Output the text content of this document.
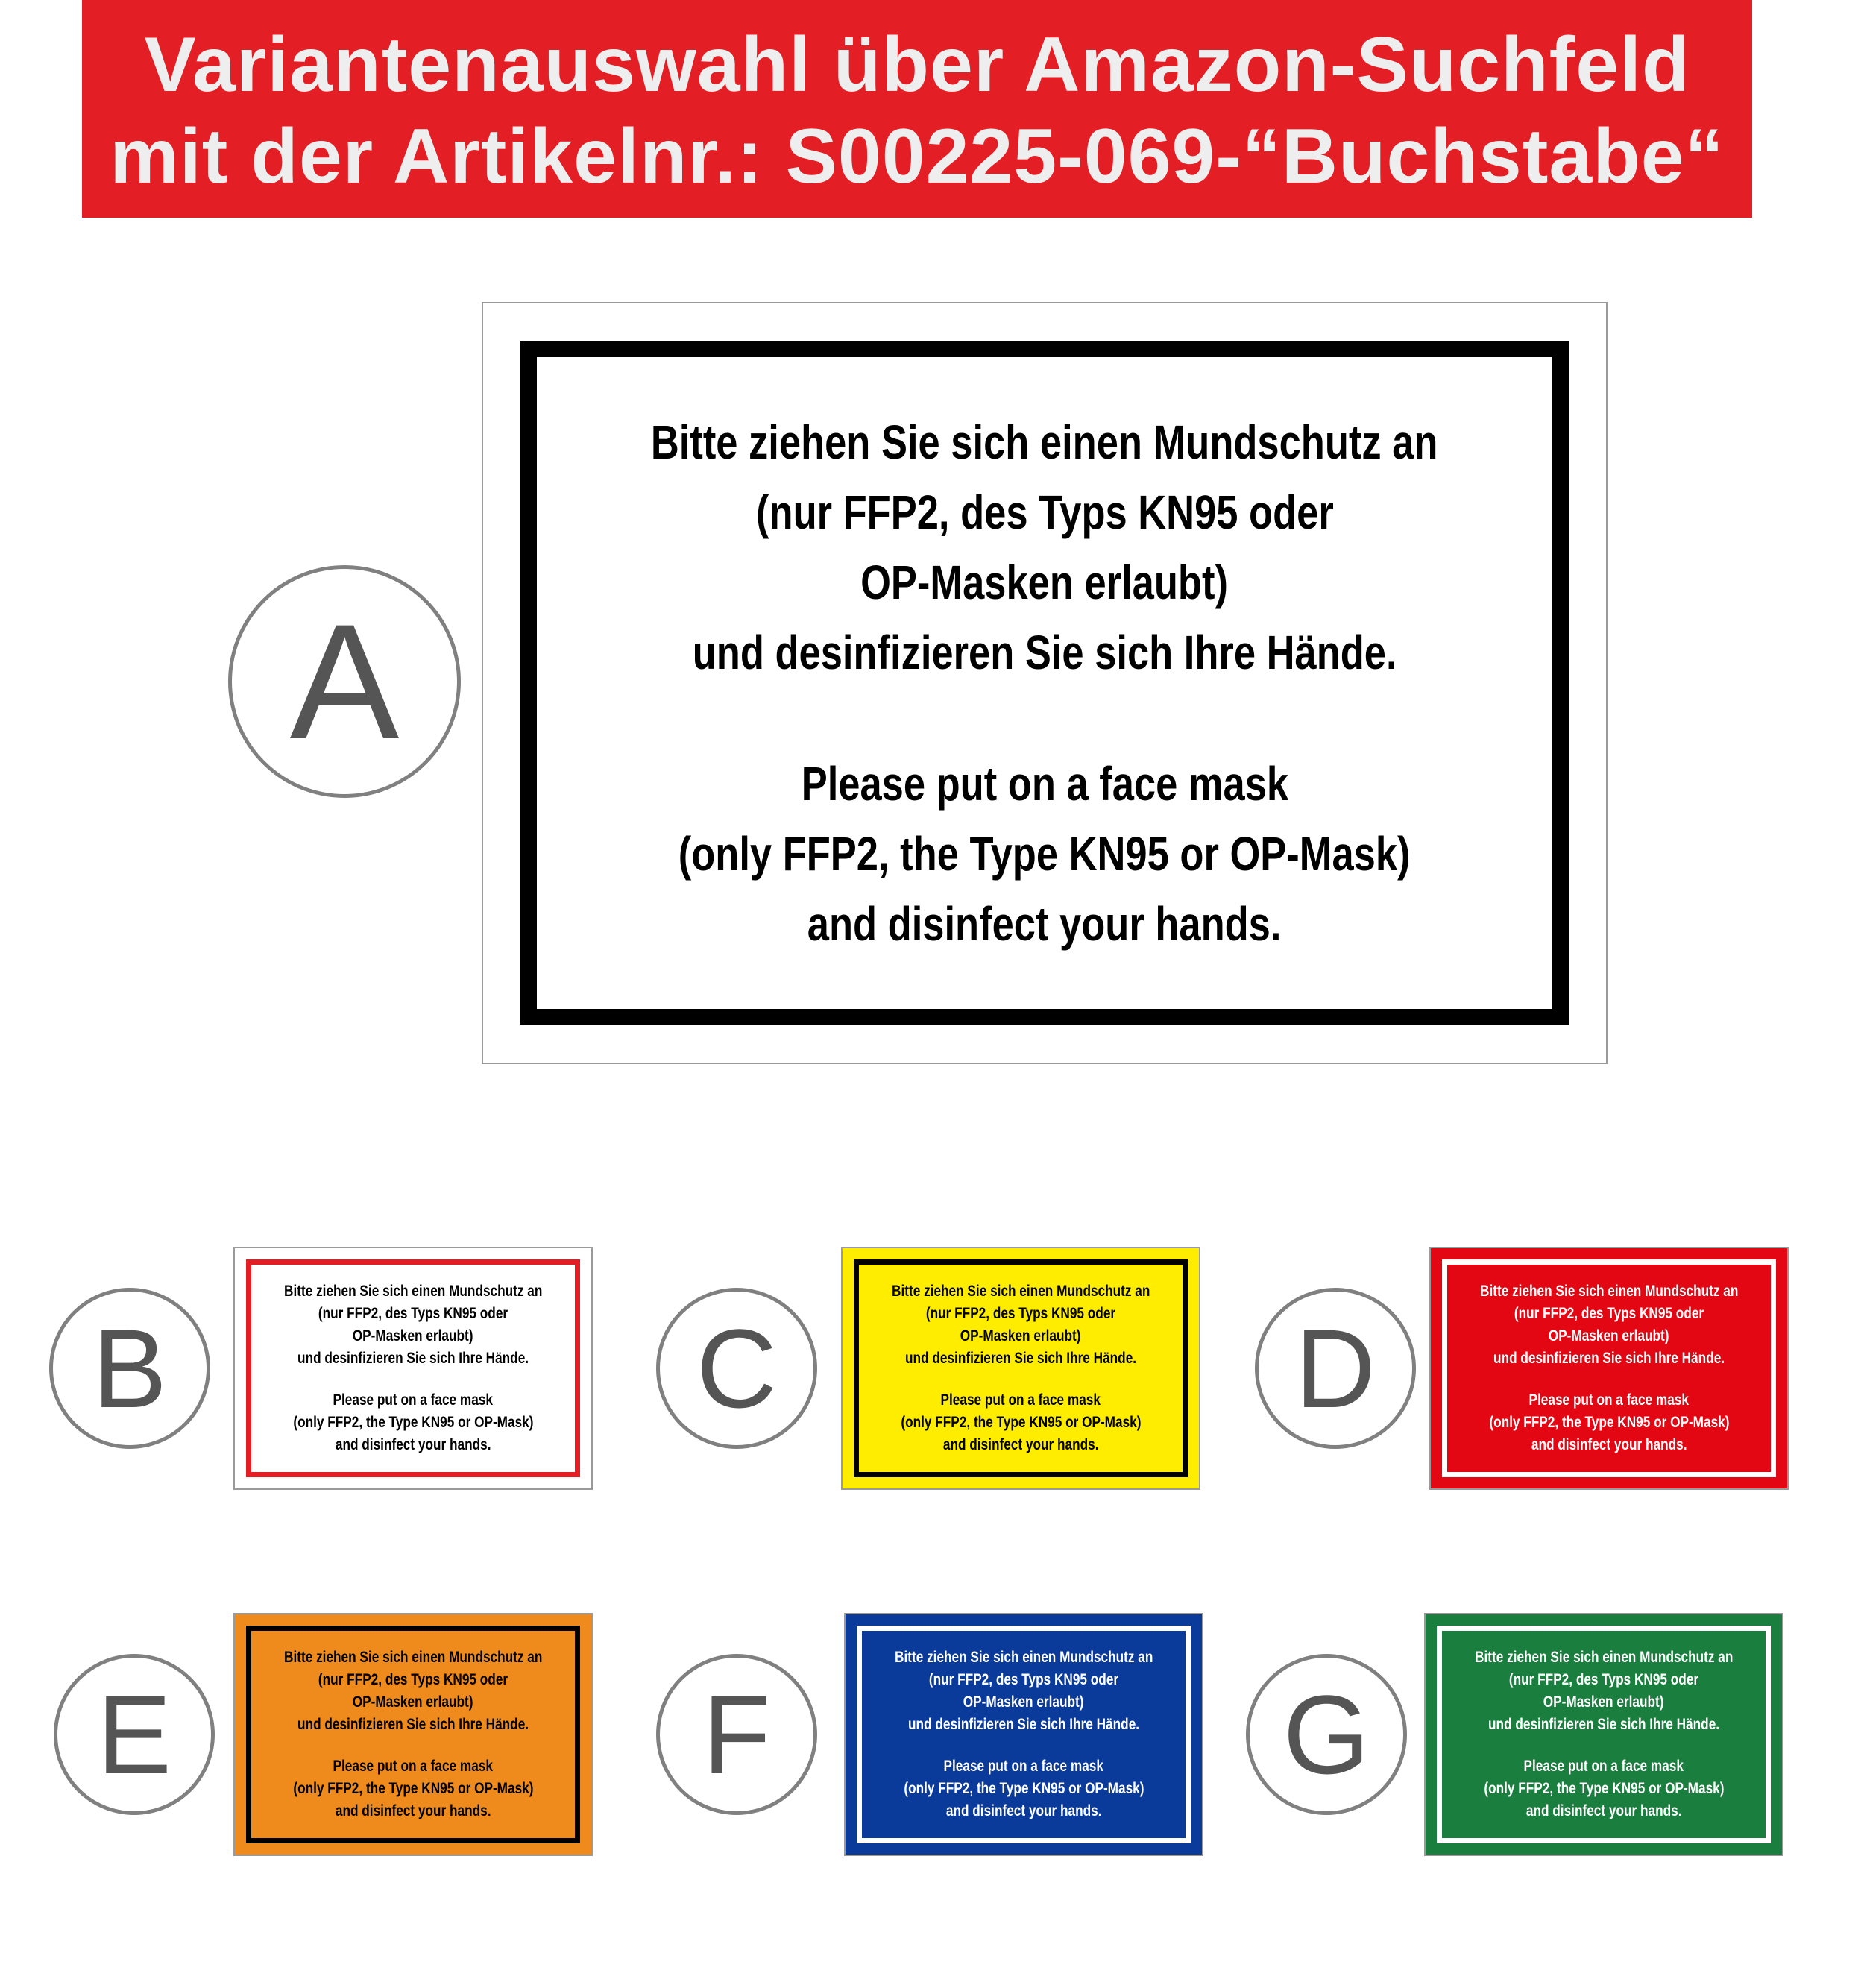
Variantenauswahl über Amazon-Suchfeld
mit der Artikelnr.: S00225-069-“Buchstabe“
A
Bitte ziehen Sie sich einen Mundschutz an
(nur FFP2, des Typs KN95 oder
OP-Masken erlaubt)
und desinfizieren Sie sich Ihre Hände.
Please put on a face mask
(only FFP2, the Type KN95 or OP-Mask)
and disinfect your hands.
B
Bitte ziehen Sie sich einen Mundschutz an
(nur FFP2, des Typs KN95 oder
OP-Masken erlaubt)
und desinfizieren Sie sich Ihre Hände.
Please put on a face mask
(only FFP2, the Type KN95 or OP-Mask)
and disinfect your hands.
C
Bitte ziehen Sie sich einen Mundschutz an
(nur FFP2, des Typs KN95 oder
OP-Masken erlaubt)
und desinfizieren Sie sich Ihre Hände.
Please put on a face mask
(only FFP2, the Type KN95 or OP-Mask)
and disinfect your hands.
D
Bitte ziehen Sie sich einen Mundschutz an
(nur FFP2, des Typs KN95 oder
OP-Masken erlaubt)
und desinfizieren Sie sich Ihre Hände.
Please put on a face mask
(only FFP2, the Type KN95 or OP-Mask)
and disinfect your hands.
E
Bitte ziehen Sie sich einen Mundschutz an
(nur FFP2, des Typs KN95 oder
OP-Masken erlaubt)
und desinfizieren Sie sich Ihre Hände.
Please put on a face mask
(only FFP2, the Type KN95 or OP-Mask)
and disinfect your hands.
F
Bitte ziehen Sie sich einen Mundschutz an
(nur FFP2, des Typs KN95 oder
OP-Masken erlaubt)
und desinfizieren Sie sich Ihre Hände.
Please put on a face mask
(only FFP2, the Type KN95 or OP-Mask)
and disinfect your hands.
G
Bitte ziehen Sie sich einen Mundschutz an
(nur FFP2, des Typs KN95 oder
OP-Masken erlaubt)
und desinfizieren Sie sich Ihre Hände.
Please put on a face mask
(only FFP2, the Type KN95 or OP-Mask)
and disinfect your hands.
